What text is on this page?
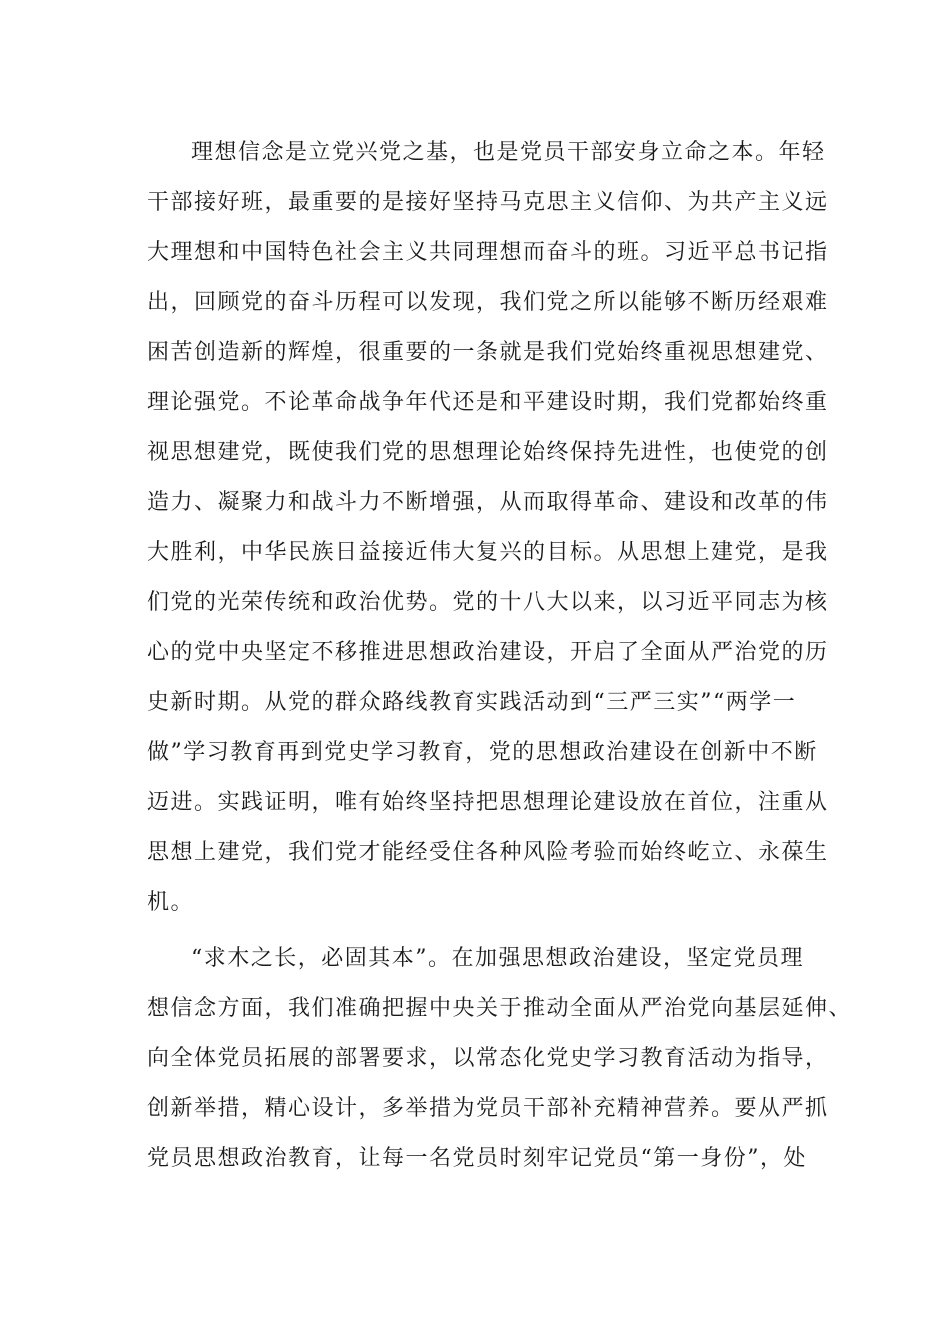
理想信念是立党兴党之基，也是党员干部安身立命之本。年轻
干部接好班，最重要的是接好坚持马克思主义信仰、为共产主义远
大理想和中国特色社会主义共同理想而奋斗的班。习近平总书记指
出，回顾党的奋斗历程可以发现，我们党之所以能够不断历经艰难
困苦创造新的辉煌，很重要的一条就是我们党始终重视思想建党、
理论强党。不论革命战争年代还是和平建设时期，我们党都始终重
视思想建党，既使我们党的思想理论始终保持先进性，也使党的创
造力、凝聚力和战斗力不断增强，从而取得革命、建设和改革的伟
大胜利，中华民族日益接近伟大复兴的目标。从思想上建党，是我
们党的光荣传统和政治优势。党的十八大以来，以习近平同志为核
心的党中央坚定不移推进思想政治建设，开启了全面从严治党的历
史新时期。从党的群众路线教育实践活动到“三严三实”“两学一
做”学习教育再到党史学习教育，党的思想政治建设在创新中不断
迈进。实践证明，唯有始终坚持把思想理论建设放在首位，注重从
思想上建党，我们党才能经受住各种风险考验而始终屹立、永葆生
机。
“求木之长，必固其本”。在加强思想政治建设，坚定党员理
想信念方面，我们准确把握中央关于推动全面从严治党向基层延伸、
向全体党员拓展的部署要求，以常态化党史学习教育活动为指导，
创新举措，精心设计，多举措为党员干部补充精神营养。要从严抓
党员思想政治教育，让每一名党员时刻牢记党员“第一身份”，处
